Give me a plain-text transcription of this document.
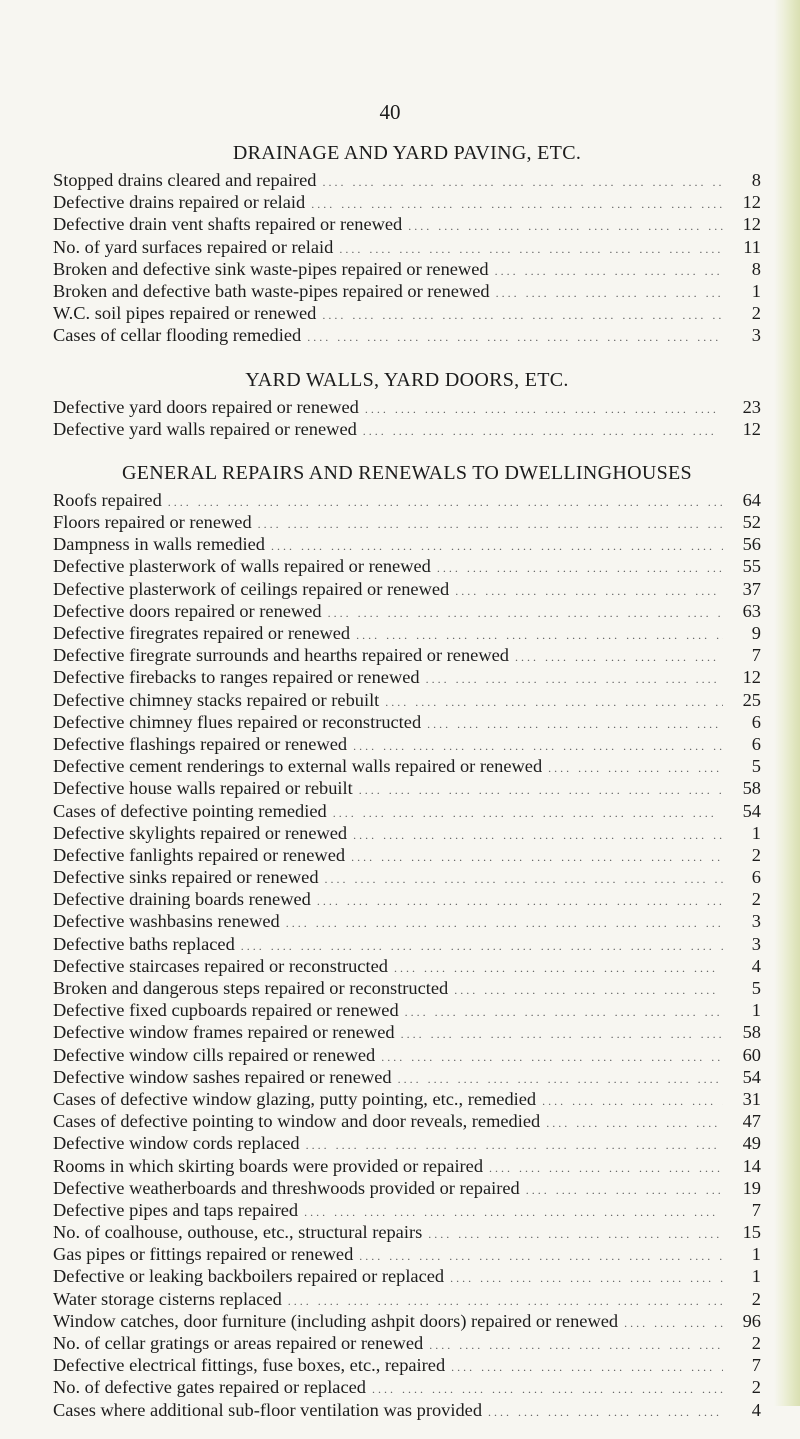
40
DRAINAGE AND YARD PAVING, ETC.
Stopped drains cleared and repaired ....	8
Defective drains repaired or relaid ....	12
Defective drain vent shafts repaired or renewed ....	12
No. of yard surfaces repaired or relaid ....	11
Broken and defective sink waste-pipes repaired or renewed ....	8
Broken and defective bath waste-pipes repaired or renewed ....	1
W.C. soil pipes repaired or renewed ....	2
Cases of cellar flooding remedied ....	3
YARD WALLS, YARD DOORS, ETC.
Defective yard doors repaired or renewed ....	23
Defective yard walls repaired or renewed ....	12
GENERAL REPAIRS AND RENEWALS TO DWELLINGHOUSES
Roofs repaired ....	64
Floors repaired or renewed ....	52
Dampness in walls remedied ....	56
Defective plasterwork of walls repaired or renewed ....	55
Defective plasterwork of ceilings repaired or renewed ....	37
Defective doors repaired or renewed ....	63
Defective firegrates repaired or renewed ....	9
Defective firegrate surrounds and hearths repaired or renewed ....	7
Defective firebacks to ranges repaired or renewed ....	12
Defective chimney stacks repaired or rebuilt ....	25
Defective chimney flues repaired or reconstructed ....	6
Defective flashings repaired or renewed ....	6
Defective cement renderings to external walls repaired or renewed ....	5
Defective house walls repaired or rebuilt ....	58
Cases of defective pointing remedied ....	54
Defective skylights repaired or renewed ....	1
Defective fanlights repaired or renewed ....	2
Defective sinks repaired or renewed ....	6
Defective draining boards renewed ....	2
Defective washbasins renewed ....	3
Defective baths replaced ....	3
Defective staircases repaired or reconstructed ....	4
Broken and dangerous steps repaired or reconstructed ....	5
Defective fixed cupboards repaired or renewed ....	1
Defective window frames repaired or renewed ....	58
Defective window cills repaired or renewed ....	60
Defective window sashes repaired or renewed ....	54
Cases of defective window glazing, putty pointing, etc., remedied ....	31
Cases of defective pointing to window and door reveals, remedied ....	47
Defective window cords replaced ....	49
Rooms in which skirting boards were provided or repaired ....	14
Defective weatherboards and threshwoods provided or repaired ....	19
Defective pipes and taps repaired ....	7
No. of coalhouse, outhouse, etc., structural repairs ....	15
Gas pipes or fittings repaired or renewed ....	1
Defective or leaking backboilers repaired or replaced ....	1
Water storage cisterns replaced ....	2
Window catches, door furniture (including ashpit doors) repaired or renewed ....	96
No. of cellar gratings or areas repaired or renewed ....	2
Defective electrical fittings, fuse boxes, etc., repaired ....	7
No. of defective gates repaired or replaced ....	2
Cases where additional sub-floor ventilation was provided ....	4
